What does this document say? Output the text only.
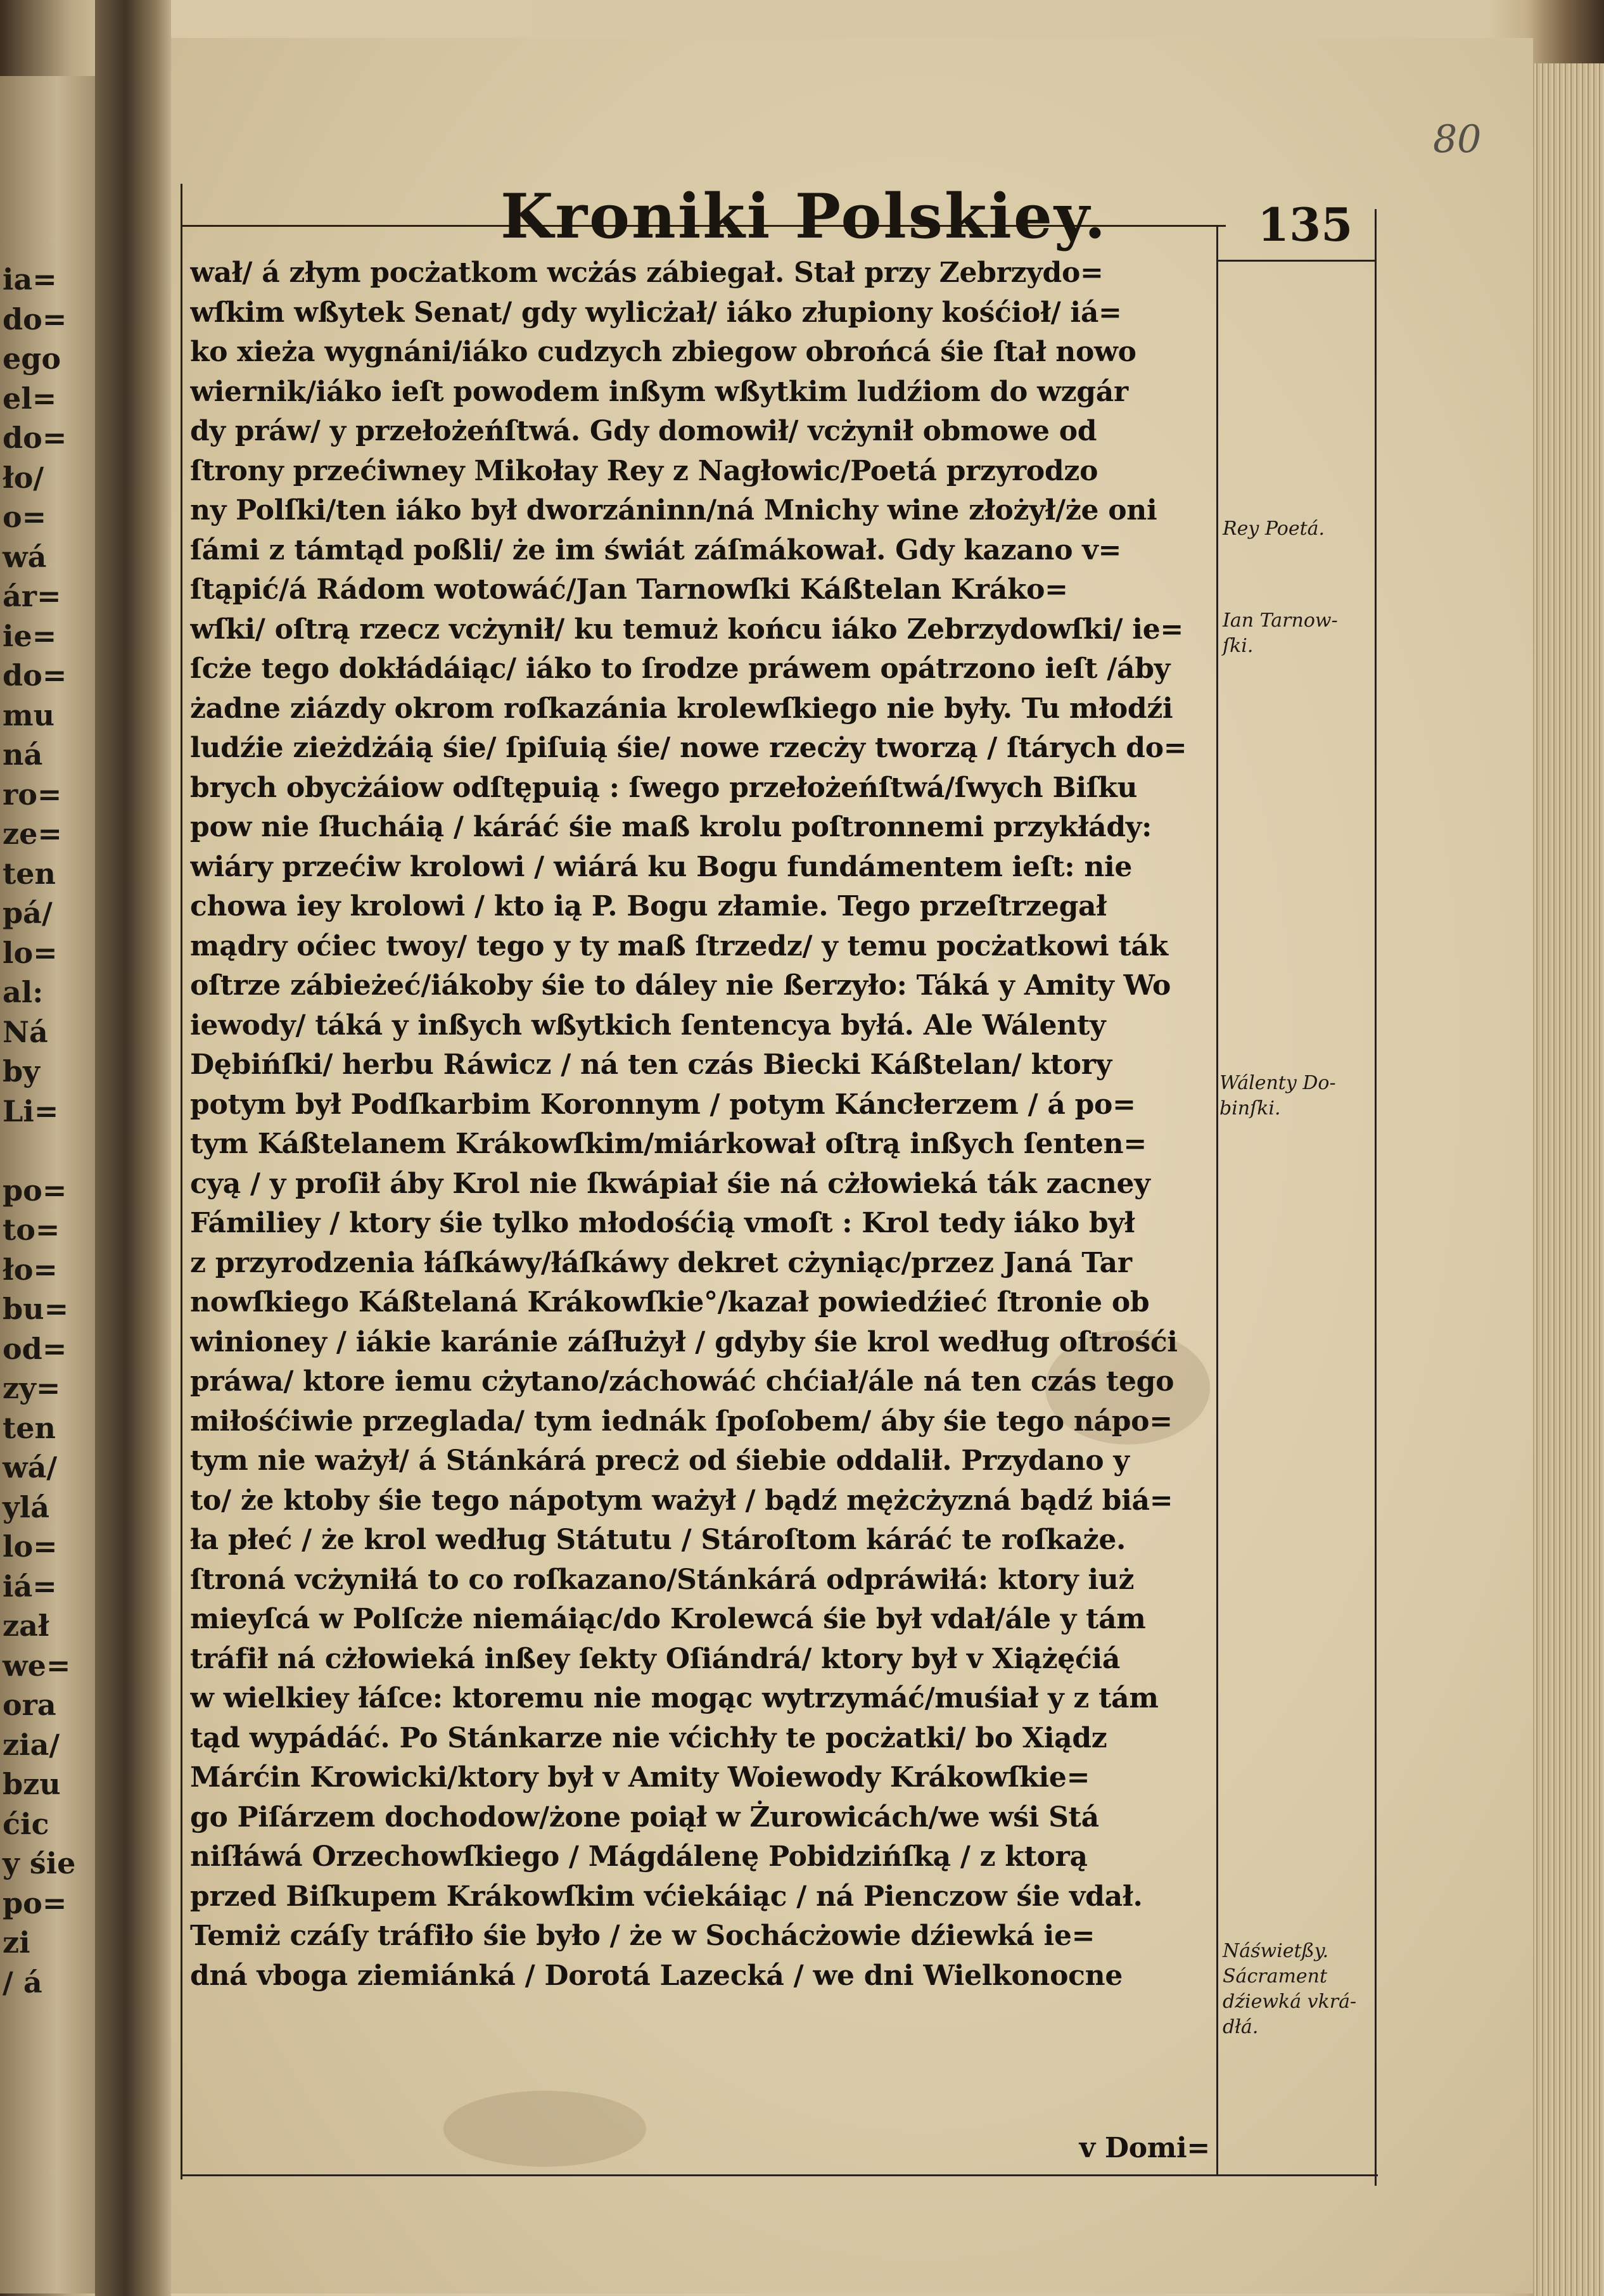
ia=
do=
ego
el=
do=
ło/
o=
wá
ár=
ie=
do=
mu
ná
ro=
ze=
ten
pá/
lo=
al:
Ná
by
Li=

po=
to=
ło=
bu=
od=
zy=
ten
wá/
ylá
lo=
iá=
zał
we=
ora
zia/
bzu
ćic
y śie
po=
zi
/ á
80
Kroniki Polskiey.	135
wał/ á złym pocżatkom wcżás zábiegał. Stał przy Zebrzydo=
wſkim wßytek Senat/ gdy wylicżał/ iáko złupiony kośćioł/ iá=
ko xieża wygnáni/iáko cudzych zbiegow obrońcá śie ſtał nowo
wiernik/iáko ieſt powodem inßym wßytkim ludźiom do wzgár
dy práw/ y przełożeńſtwá. Gdy domowił/ vcżynił obmowe od
ſtrony przećiwney Mikołay Rey z Nagłowic/Poetá przyrodzo
ny Polſki/ten iáko był dworzáninn/ná Mnichy wine złożył/że oni
ſámi z támtąd poßli/ że im świát záſmákował. Gdy kazano v=
ſtąpić/á Rádom wotowáć/Jan Tarnowſki Káßtelan Kráko=
wſki/ oſtrą rzecz vcżynił/ ku temuż końcu iáko Zebrzydowſki/ ie=
ſcże tego dokłádáiąc/ iáko to ſrodze práwem opátrzono ieſt /áby
żadne ziázdy okrom roſkazánia krolewſkiego nie były. Tu młodźi
ludźie zieżdżáią śie/ ſpiſuią śie/ nowe rzecży tworzą / ſtárych do=
brych obycżáiow odſtępuią : ſwego przełożeńſtwá/ſwych Biſku
pow nie ſłucháią / káráć śie maß krolu poſtronnemi przykłády:
wiáry przećiw krolowi / wiárá ku Bogu fundámentem ieſt: nie
chowa iey krolowi / kto ią P. Bogu złamie. Tego przeſtrzegał
mądry oćiec twoy/ tego y ty maß ſtrzedz/ y temu pocżatkowi ták
oſtrze zábieżeć/iákoby śie to dáley nie ßerzyło: Táká y Amity Wo
iewody/ táká y inßych wßytkich ſentencya byłá. Ale Wálenty
Dębińſki/ herbu Ráwicz / ná ten czás Biecki Káßtelan/ ktory
potym był Podſkarbim Koronnym / potym Káncłerzem / á po=
tym Káßtelanem Krákowſkim/miárkował oſtrą inßych ſenten=
cyą / y proſił áby Krol nie ſkwápiał śie ná cżłowieká ták zacney
Fámiliey / ktory śie tylko młodośćią vmoſt : Krol tedy iáko był
z przyrodzenia łáſkáwy/łáſkáwy dekret cżyniąc/przez Janá Tar
nowſkiego Káßtelaná Krákowſkie°/kazał powiedźieć ſtronie ob
winioney / iákie karánie záſłużył / gdyby śie krol według oſtrośći
práwa/ ktore iemu cżytano/záchowáć chćiał/ále ná ten czás tego
miłośćiwie przeglada/ tym iednák ſpoſobem/ áby śie tego nápo=
tym nie ważył/ á Stánkárá precż od śiebie oddalił. Przydano y
to/ że ktoby śie tego nápotym ważył / bądź mężcżyzná bądź biá=
ła płeć / że krol według Státutu / Stároſtom káráć te roſkaże.
ſtroná vcżyniłá to co roſkazano/Stánkárá odpráwiłá: ktory iuż
mieyſcá w Polſcże niemáiąc/do Krolewcá śie był vdał/ále y tám
tráfił ná cżłowieká inßey ſekty Oſiándrá/ ktory był v Xiążęćiá
w wielkiey łáſce: ktoremu nie mogąc wytrzymáć/muśiał y z tám
tąd wypádáć. Po Stánkarze nie vćichły te pocżatki/ bo Xiądz
Márćin Krowicki/ktory był v Amity Woiewody Krákowſkie=
go Piſárzem dochodow/żone poiął w Żurowicách/we wśi Stá
niſłáwá Orzechowſkiego / Mágdálenę Pobidzińſką / z ktorą
przed Biſkupem Krákowſkim vćiekáiąc / ná Pienczow śie vdał.
Temiż czáſy tráfiło śie było / że w Sochácżowie dźiewká ie=
dná vboga ziemiánká / Dorotá Lazecká / we dni Wielkonocne
Rey Poetá.
Ian Tarnow-
ſki.
Wálenty Do-
binſki.
Náświetßy.
Sácrament
dźiewká vkrá-
dłá.
v Domi=
